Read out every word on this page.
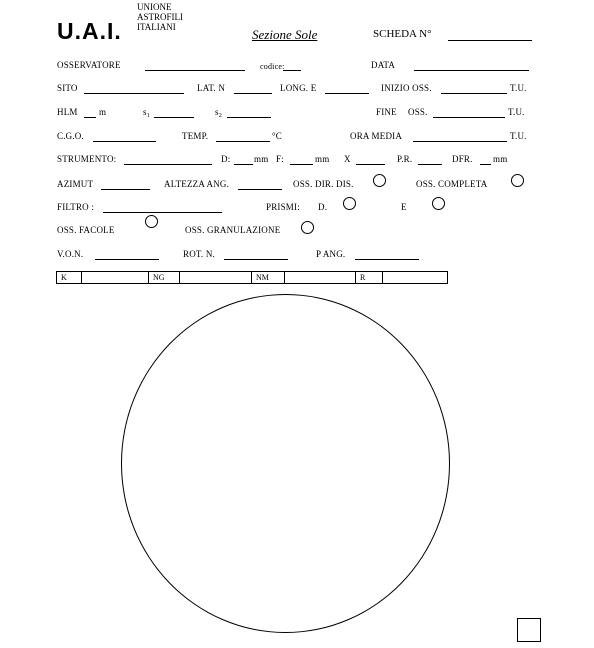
U.A.I.
UNIONE
ASTROFILI
ITALIANI	Sezione Sole	SCHEDA N°
OSSERVATORE	codice:	DATA
SITO	LAT. N	LONG. E	INIZIO OSS.	T.U.
HLM m	$s_1$	$s_2$	FINE OSS.	T.U.
C.G.O.	TEMP.	°C	ORA MEDIA	T.U.
STRUMENTO:	D:	mm F:	mm X	P.R.	DFR. mm
AZIMUT	ALTEZZA ANG.	OSS. DIR. DIS.	OSS. COMPLETA
FILTRO :	PRISMI: D.	E
OSS. FACOLE	OSS. GRANULAZIONE
V.O.N.	ROT. N.	P ANG.
K		NG		NM		R	
